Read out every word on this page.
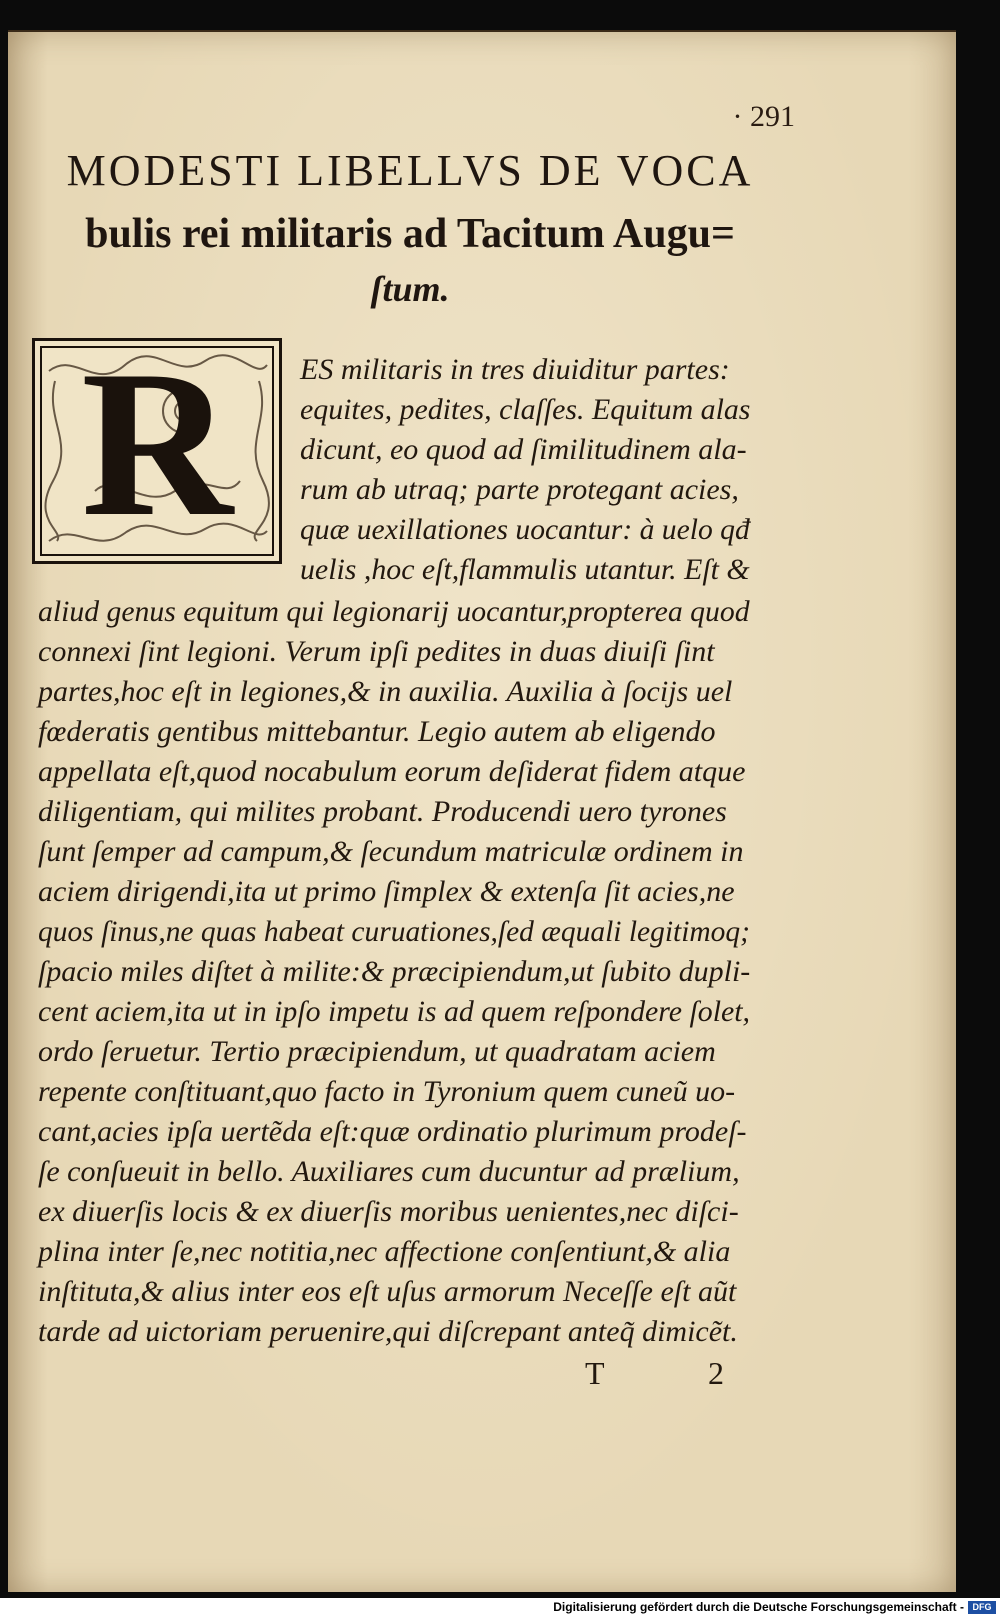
· 291
MODESTI LIBELLVS DE VOCA
bulis rei militaris ad Tacitum Augu=
ſtum.
R	ES militaris in tres diuiditur partes:
equites, pedites, claſſes. Equitum alas
dicunt, eo quod ad ſimilitudinem ala-
rum ab utraq; parte protegant acies,
quæ uexillationes uocantur: à uelo qđ
uelis ,hoc eſt,flammulis utantur. Eſt &
aliud genus equitum qui legionarij uocantur,propterea quod
connexi ſint legioni. Verum ipſi pedites in duas diuiſi ſint
partes,hoc eſt in legiones,& in auxilia. Auxilia à ſocijs uel
fœderatis gentibus mittebantur. Legio autem ab eligendo
appellata eſt,quod nocabulum eorum deſiderat fidem atque
diligentiam, qui milites probant. Producendi uero tyrones
ſunt ſemper ad campum,& ſecundum matriculæ ordinem in
aciem dirigendi,ita ut primo ſimplex & extenſa ſit acies,ne
quos ſinus,ne quas habeat curuationes,ſed æquali legitimoq;
ſpacio miles diſtet à milite:& præcipiendum,ut ſubito dupli-
cent aciem,ita ut in ipſo impetu is ad quem reſpondere ſolet,
ordo ſeruetur. Tertio præcipiendum, ut quadratam aciem
repente conſtituant,quo facto in Tyronium quem cuneũ uo-
cant,acies ipſa uertẽda eſt:quæ ordinatio plurimum prodeſ-
ſe conſueuit in bello. Auxiliares cum ducuntur ad prælium,
ex diuerſis locis & ex diuerſis moribus uenientes,nec diſci-
plina inter ſe,nec notitia,nec affectione conſentiunt,& alia
inſtituta,& alius inter eos eſt uſus armorum Neceſſe eſt aũt
tarde ad uictoriam peruenire,qui diſcrepant anteq̃ dimicẽt.
T 2
Digitalisierung gefördert durch die Deutsche Forschungsgemeinschaft - DFG
